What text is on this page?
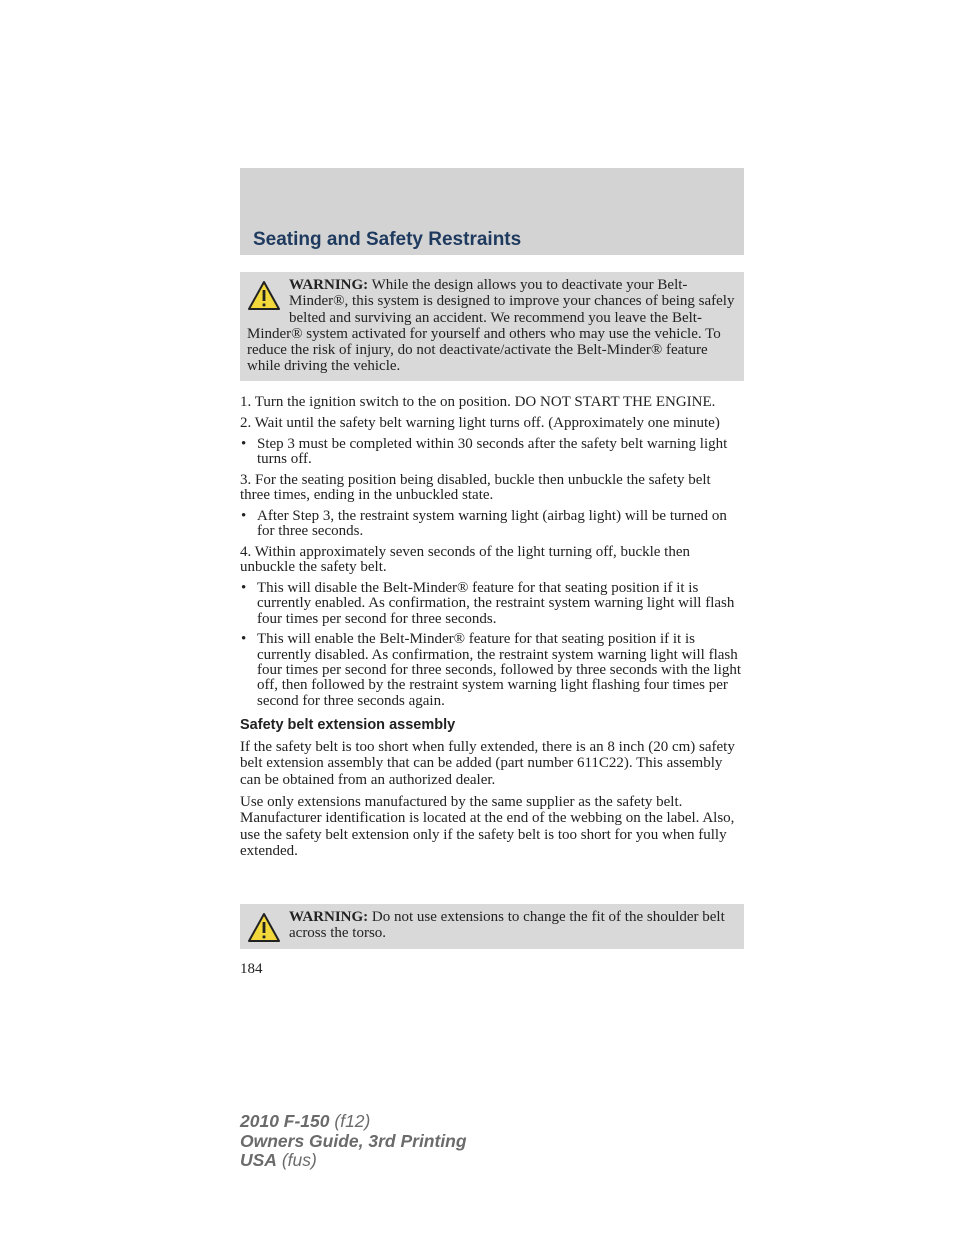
Seating and Safety Restraints
WARNING: While the design allows you to deactivate your Belt-Minder®, this system is designed to improve your chances of being safely belted and surviving an accident. We recommend you leave the Belt-Minder® system activated for yourself and others who may use the vehicle. To reduce the risk of injury, do not deactivate/activate the Belt-Minder® feature while driving the vehicle.

1. Turn the ignition switch to the on position. DO NOT START THE ENGINE.

2. Wait until the safety belt warning light turns off. (Approximately one minute)

• Step 3 must be completed within 30 seconds after the safety belt warning light turns off.

3. For the seating position being disabled, buckle then unbuckle the safety belt three times, ending in the unbuckled state.

• After Step 3, the restraint system warning light (airbag light) will be turned on for three seconds.

4. Within approximately seven seconds of the light turning off, buckle then unbuckle the safety belt.

• This will disable the Belt-Minder® feature for that seating position if it is currently enabled. As confirmation, the restraint system warning light will flash four times per second for three seconds.
• This will enable the Belt-Minder® feature for that seating position if it is currently disabled. As confirmation, the restraint system warning light will flash four times per second for three seconds, followed by three seconds with the light off, then followed by the restraint system warning light flashing four times per second for three seconds again.
Safety belt extension assembly

If the safety belt is too short when fully extended, there is an 8 inch (20 cm) safety belt extension assembly that can be added (part number 611C22). This assembly can be obtained from an authorized dealer.

Use only extensions manufactured by the same supplier as the safety belt. Manufacturer identification is located at the end of the webbing on the label. Also, use the safety belt extension only if the safety belt is too short for you when fully extended.

WARNING: Do not use extensions to change the fit of the shoulder belt across the torso.
184
2010 F-150 (f12)
Owners Guide, 3rd Printing
USA (fus)
